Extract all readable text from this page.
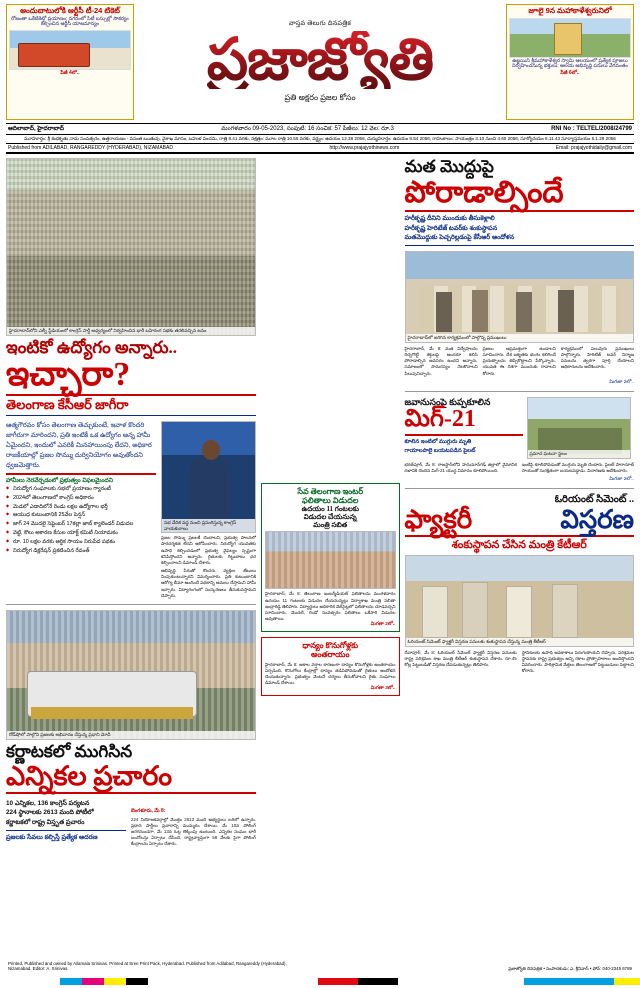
అందుబాటులోకి ఆర్టీసీ టీ-24 టికెట్
రోజంతా ఒకేటికెట్తో ప్రయాణం; నగరంలో సిటీ బస్సుల్లో సౌకర్యం కల్పించిన ఆర్టీసీ యాజమాన్యం
పేజీ 4లో..
వాస్తవ తెలుగు దినపత్రిక
ప్రజాజ్యోతి
ప్రతి అక్షరం ప్రజల కోసం
జూలై 9న మహాకాళేశ్వరునిలో
ఉజ్జయిని శ్రీమహాకాళేశ్వర స్వామి ఆలయంలో ప్రత్యేక పూజలు నిర్వహించనున్న భక్తులు; ఆలయ అభివృద్ధి పనులు వేగవంతం
పేజీ 6లో..
ఆదిలాబాద్, హైదరాబాద్	మంగళవారం 09-05-2023, సంపుటి: 16 సంచిక: 57 పేజీలు: 12 వెల: రూ.3	RNI No : TELTEL/2008/24799
మూహూర్తం: శ్రీ శుభకృతు నామ సంవత్సరం, ఉత్తరాయణం - వసంత ఋతువు, వైశాఖ మాసం, బహుళ పంచమి, రాత్రి 8.41 వరకు, నక్షత్రం: మూల రాత్రి 10.55 వరకు, వర్జ్యం: ఉదయం 12.38 2056, దుర్ముహూర్తం: ఉదయం 8.54 2056, రాహుకాలం: సాయంత్రం 3.10 నుంచి 4.60 2056, సూర్యోదయం 6.11.43 సూర్యాస్తమయం 6.1.29 2056
Published from ADILABAD, RANGAREDDY (HYDERABAD), NIZAMABAD	http://www.prajajyothinews.com	Email: prajajyothidaily@gmail.com
హైదరాబాద్‌లోని ఎల్బీ స్టేడియంలో కాంగ్రెస్ పార్టీ ఆధ్వర్యంలో నిర్వహించిన భారీ బహిరంగ సభకు తరలివచ్చిన జనం
ఇంటికో ఉద్యోగం అన్నారు..
ఇచ్చారా?
తెలంగాణ కేసీఆర్ జాగీరా
ఆత్మగౌరవం కోసం తెలంగాణ తెచ్చుకుంటే, ఇవాళ కొందరి జాగీరుగా మారిందని, ప్రతి ఇంటికీ ఒక ఉద్యోగం అన్న హామీ ఏమైందని, ఇందులో ఎవరికీ మినహాయింపు లేదని, అధికార రాజకీయాల్లో ప్రజల సొమ్ము దుర్వినియోగం అవుతోందని ధ్వజమెత్తారు.
హామీలు నెరవేర్చడంలో ప్రభుత్వం విఫలమైందని
◆ నిరుద్యోగ సంఘాలకు సభలో ప్రయాణం గ్యారంటీ
◆ 2024లో తెలంగాణలో కాంగ్రెస్ అధికారం
◆ మెడలో ఎడాదిలోనే రెండు లక్షల ఉద్యోగాల భర్తీ
◆ ఆయుధ కుటుంబానికి 25వేల పెన్షన్
◆ జాగ్ 24 మొదలై సెప్టెంబర్ 17కల్లా జాబ్ క్యాలెండర్ విడుదల
◆ వెట్టి, కౌలు అకారణ కేసుల యాక్ట్ కమిటీ నియామకం
◆ రూ. 10 లక్షల వరకు ఆర్థిక సాయం నిరుపేద పథకం
◆ నిరుద్యోగ డిక్లరేషన్ ప్రకటించిన రేవంత్
సభ వేదిక వద్ద నుంచి ప్రసంగిస్తున్న కాంగ్రెస్ నాయకురాలు
ప్రజల సొమ్ము ప్రజలకే చెందాలని, ప్రభుత్వ పాలనలో పారదర్శకత లేదని ఆరోపించారు. నిరుద్యోగ యువతకు ఉపాధి కల్పించడంలో ప్రభుత్వ వైఫల్యం స్పష్టంగా కనిపిస్తోందని అన్నారు. రైతులకు గిట్టుబాటు ధర కల్పించాలని డిమాండ్ చేశారు.
అభివృద్ధి పేరుతో కొందరు వ్యక్తుల జేబులు నింపుకుంటున్నారని విమర్శించారు. ప్రతి కుటుంబానికి ఆరోగ్య బీమా అందించే పథకాన్ని అమలు చేస్తామని హామీ ఇచ్చారు. విద్యారంగంలో సంస్కరణలు తీసుకువస్తామని చెప్పారు.
రోడ్‌షోలో పాల్గొని ప్రజలకు అభివాదం చేస్తున్న ప్రధాని మోదీ
కర్ణాటకలో ముగిసిన
ఎన్నికల ప్రచారం
10 ఎన్నికల, 136 కాంగ్రెస్ పర్యటన
224 స్థానాలకు 2613 మంది పోటీలో
కర్ణాటకలో రాష్ట్ర విస్తృత ప్రచారం
ప్రజలకు సేవలు కల్పిస్తే ప్రత్యేక ఆదరణ
బెంగళూరు, మే 8:
224 నియోజకవర్గాల్లో మొత్తం 2613 మంది అభ్యర్థులు బరిలో ఉన్నారు. ప్రధాన పార్టీలు ప్రచారాన్ని ముమ్మరం చేశాయి. మే 10న పోలింగ్ జరగనుండగా, మే 13న ఓట్ల లెక్కింపు ఉంటుంది. ఎన్నికల సంఘం భారీ బందోబస్తు ఏర్పాటు చేసింది. రాష్ట్రవ్యాప్తంగా 58 వేలకు పైగా పోలింగ్ కేంద్రాలను ఏర్పాటు చేశారు.
సేవ తెలంగాణ ఇంటర్
ఫలితాలు విడుదల
ఉదయం 11 గంటలకు
విడుదల చేయనున్న
మంత్రి సబిత
హైదరాబాద్, మే 8: తెలంగాణ ఇంటర్మీడియట్ ఫలితాలను మంగళవారం ఉదయం 11 గంటలకు విడుదల చేయనున్నట్లు విద్యాశాఖ మంత్రి సబితా ఇంద్రారెడ్డి తెలిపారు. విద్యార్థులు అధికారిక వెబ్‌సైట్లలో ఫలితాలను చూడవచ్చని సూచించారు. మొదటి, రెండో సంవత్సరం ఫలితాలు ఒకేసారి విడుదల అవుతాయి.
మిగతా 2లో..
ధాన్యం కొనుగోళ్లకు
అంతరాయం
హైదరాబాద్, మే 8: అకాల వర్షాల కారణంగా ధాన్యం కొనుగోళ్లకు అంతరాయం ఏర్పడింది. కొనుగోలు కేంద్రాల్లో ధాన్యం తడిసిపోవడంతో రైతులు ఆందోళన చెందుతున్నారు. ప్రభుత్వం వెంటనే చర్యలు తీసుకోవాలని రైతు సంఘాలు డిమాండ్ చేశాయి.
మిగతా 3లో..
మత మొద్దుపై
పోరాడాల్సిందే
హరీకృష్ణ దీనిని ముందుకు తీసుకెళ్లాలి
హరీకృష్ణ హెరిటేజ్ టవర్‌కు శంకుస్థాపన
మతమొద్దుకు పెచ్చరిల్లడంపై కేసీఆర్ ఆందోళన
హైదరాబాద్‌లో జరిగిన కార్యక్రమంలో పాల్గొన్న ప్రముఖులు
హైదరాబాద్, మే 8: మత విద్వేషాలను రెచ్చగొట్టే శక్తులపై అందరూ కలిసి పోరాడాల్సిన అవసరం ఉందని అన్నారు. సమాజంలో సామరస్యం నెలకొనాలని పిలుపునిచ్చారు.
ప్రజలు అప్రమత్తంగా ఉండాలని సూచించారు. దేశ ఐక్యతకు భంగం కలిగించే ప్రయత్నాలను తిప్పికొట్టాలని పేర్కొన్నారు. యువత ఈ దిశగా ముందుకు రావాలని కోరారు.
కార్యక్రమంలో పలువురు ప్రముఖులు పాల్గొన్నారు. హెరిటేజ్ టవర్ నిర్మాణ పనులను త్వరగా పూర్తి చేయాలని అధికారులను ఆదేశించారు.
మిగతా 2లో..
జవానుసంపై కుప్పకూలిన
మిగ్-21
కూలిన ఇంటిలో ముగ్గురు మృతి
గాయాలపాలై బయటపడిన పైలట్	ప్రమాద ఘటనా స్థలం
భరత్‌పూర్, మే 8: రాజస్థాన్‌లోని హనుమాన్‌గఢ్ జిల్లాలో వైమానిక దళానికి చెందిన మిగ్-21 యుద్ధ విమానం కూలిపోయింది.
ఇంటిపై కూలిపోవడంతో ముగ్గురు మృతి చెందారు. పైలట్ పారాచూట్ సాయంతో సురక్షితంగా బయటపడ్డాడు. విచారణకు ఆదేశించారు.
మిగతా 2లో..
ఓరియంట్ సిమెంట్ ..
ఫ్యాక్టరీ	విస్తరణ
శంకుస్థాపన చేసిన మంత్రి కేటీఆర్
ఓరియంట్ సిమెంట్ ఫ్యాక్టరీ విస్తరణ పనులకు శంకుస్థాపన చేస్తున్న మంత్రి కేటీఆర్
దేవాపూర్, మే 8: ఓరియంట్ సిమెంట్ ఫ్యాక్టరీ విస్తరణ పనులకు రాష్ట్ర పరిశ్రమల శాఖ మంత్రి కేటీఆర్ శంకుస్థాపన చేశారు. రూ.45 కోట్ల పెట్టుబడితో విస్తరణ చేపడుతున్నట్లు తెలిపారు.
స్థానికులకు ఉపాధి అవకాశాలు పెరుగుతాయని చెప్పారు. పరిశ్రమల స్థాపనకు రాష్ట్ర ప్రభుత్వం అన్ని రకాల ప్రోత్సాహకాలు అందిస్తోందని వివరించారు. పారిశ్రామిక వేత్తలు తెలంగాణలో పెట్టుబడులు పెట్టాలని కోరారు.
Printed, Published and owned by Ailamala Srinivas. Printed at Sree Print Pack, Hyderabad. Published from Adilabad, Rangareddy (Hyderabad), Nizamabad. Editor: A. Srinivas.	ప్రజాజ్యోతి దినపత్రిక • సంపాదకుడు: ఎ. శ్రీనివాస్ • ఫోన్: 040-2345 6789
